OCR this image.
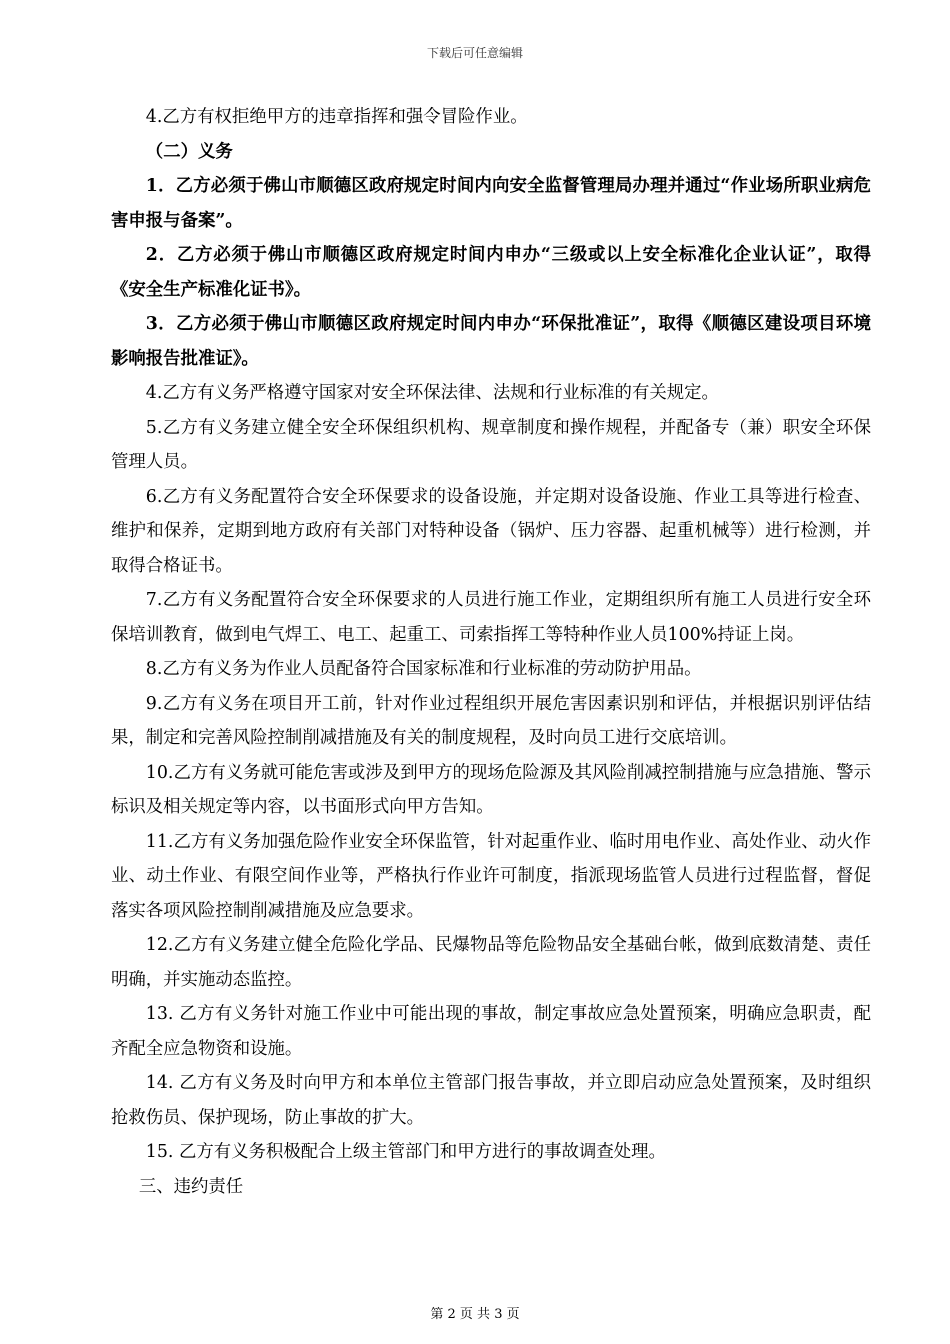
下载后可任意编辑

4.乙方有权拒绝甲方的违章指挥和强令冒险作业。

（二）义务

1．乙方必须于佛山市顺德区政府规定时间内向安全监督管理局办理并通过“作业场所职业病危害申报与备案”。

2．乙方必须于佛山市顺德区政府规定时间内申办“三级或以上安全标准化企业认证”，取得《安全生产标准化证书》。

3．乙方必须于佛山市顺德区政府规定时间内申办“环保批准证”，取得《顺德区建设项目环境影响报告批准证》。

4.乙方有义务严格遵守国家对安全环保法律、法规和行业标准的有关规定。

5.乙方有义务建立健全安全环保组织机构、规章制度和操作规程，并配备专（兼）职安全环保管理人员。

6.乙方有义务配置符合安全环保要求的设备设施，并定期对设备设施、作业工具等进行检查、维护和保养，定期到地方政府有关部门对特种设备（锅炉、压力容器、起重机械等）进行检测，并取得合格证书。

7.乙方有义务配置符合安全环保要求的人员进行施工作业，定期组织所有施工人员进行安全环保培训教育，做到电气焊工、电工、起重工、司索指挥工等特种作业人员100%持证上岗。

8.乙方有义务为作业人员配备符合国家标准和行业标准的劳动防护用品。

9.乙方有义务在项目开工前，针对作业过程组织开展危害因素识别和评估，并根据识别评估结果，制定和完善风险控制削减措施及有关的制度规程，及时向员工进行交底培训。

10.乙方有义务就可能危害或涉及到甲方的现场危险源及其风险削减控制措施与应急措施、警示标识及相关规定等内容，以书面形式向甲方告知。

11.乙方有义务加强危险作业安全环保监管，针对起重作业、临时用电作业、高处作业、动火作业、动土作业、有限空间作业等，严格执行作业许可制度，指派现场监管人员进行过程监督，督促落实各项风险控制削减措施及应急要求。

12.乙方有义务建立健全危险化学品、民爆物品等危险物品安全基础台帐，做到底数清楚、责任明确，并实施动态监控。

13. 乙方有义务针对施工作业中可能出现的事故，制定事故应急处置预案，明确应急职责，配齐配全应急物资和设施。

14. 乙方有义务及时向甲方和本单位主管部门报告事故，并立即启动应急处置预案，及时组织抢救伤员、保护现场，防止事故的扩大。

15. 乙方有义务积极配合上级主管部门和甲方进行的事故调查处理。

三、违约责任

第 2 页 共 3 页
